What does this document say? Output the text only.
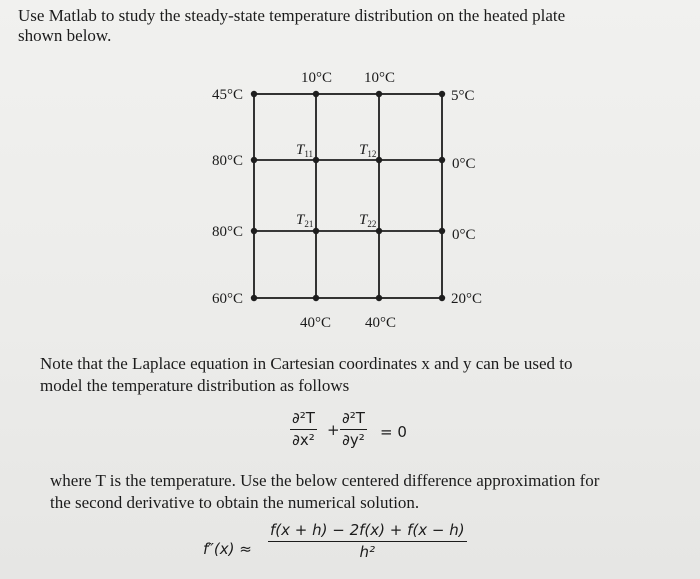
Use Matlab to study the steady-state temperature distribution on the heated plate

shown below.

45°C
10°C 10°C
5°C
80°C	0°C
80°C	0°C
60°C	20°C
40°C 40°C
$T_{11}$	$T_{12}$
$T_{21}$	$T_{22}$

Note that the Laplace equation in Cartesian coordinates x and y can be used to

model the temperature distribution as follows

$\frac{\text{∂²T}}{\text{∂x²}} + \frac{\text{∂²T}}{\text{∂y²}} = 0$

where T is the temperature. Use the below centered difference approximation for

the second derivative to obtain the numerical solution.

$f''(x) \approx \frac{f(x + h) - 2f(x) + f(x - h)}{\text{h²}}$
